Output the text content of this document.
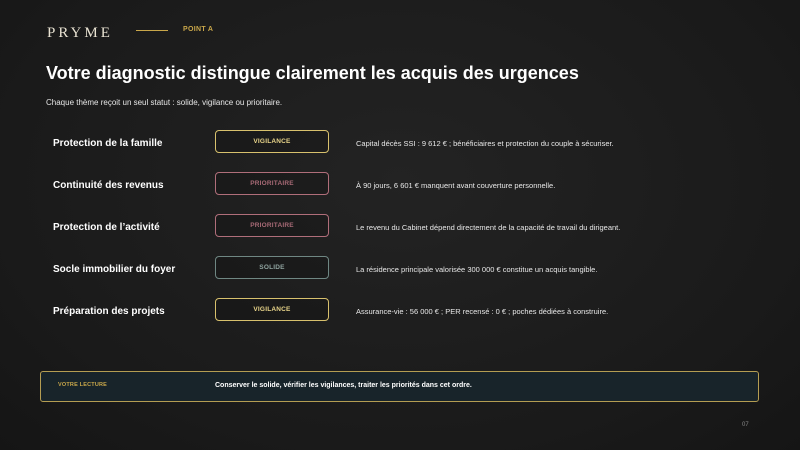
PRYME	POINT A
Votre diagnostic distingue clairement les acquis des urgences
Chaque thème reçoit un seul statut : solide, vigilance ou prioritaire.
Protection de la famille	VIGILANCE	Capital décès SSI : 9 612 € ; bénéficiaires et protection du couple à sécuriser.
Continuité des revenus	PRIORITAIRE	À 90 jours, 6 601 € manquent avant couverture personnelle.
Protection de l’activité	PRIORITAIRE	Le revenu du Cabinet dépend directement de la capacité de travail du dirigeant.
Socle immobilier du foyer	SOLIDE	La résidence principale valorisée 300 000 € constitue un acquis tangible.
Préparation des projets	VIGILANCE	Assurance-vie : 56 000 € ; PER recensé : 0 € ; poches dédiées à construire.
VOTRE LECTURE	Conserver le solide, vérifier les vigilances, traiter les priorités dans cet ordre.
07
